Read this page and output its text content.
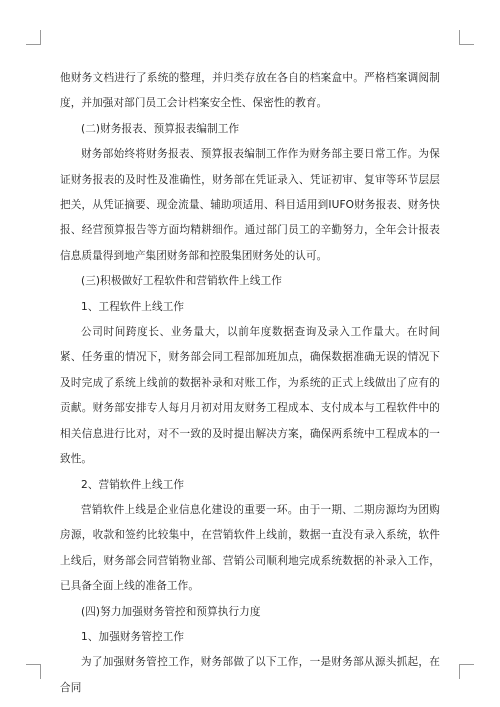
他财务文档进行了系统的整理，并归类存放在各自的档案盒中。严格档案调阅制度，并加强对部门员工会计档案安全性、保密性的教育。

(二)财务报表、预算报表编制工作

财务部始终将财务报表、预算报表编制工作作为财务部主要日常工作。为保证财务报表的及时性及准确性，财务部在凭证录入、凭证初审、复审等环节层层把关，从凭证摘要、现金流量、辅助项适用、科目适用到IUFO财务报表、财务快报、经营预算报告等方面均精耕细作。通过部门员工的辛勤努力，全年会计报表信息质量得到地产集团财务部和控股集团财务处的认可。

(三)积极做好工程软件和营销软件上线工作

1、工程软件上线工作

公司时间跨度长、业务量大，以前年度数据查询及录入工作量大。在时间紧、任务重的情况下，财务部会同工程部加班加点，确保数据准确无误的情况下及时完成了系统上线前的数据补录和对账工作，为系统的正式上线做出了应有的贡献。财务部安排专人每月月初对用友财务工程成本、支付成本与工程软件中的相关信息进行比对，对不一致的及时提出解决方案，确保两系统中工程成本的一致性。

2、营销软件上线工作

营销软件上线是企业信息化建设的重要一环。由于一期、二期房源均为团购房源，收款和签约比较集中，在营销软件上线前，数据一直没有录入系统，软件上线后，财务部会同营销物业部、营销公司顺利地完成系统数据的补录入工作，已具备全面上线的准备工作。

(四)努力加强财务管控和预算执行力度

1、加强财务管控工作

为了加强财务管控工作，财务部做了以下工作，一是财务部从源头抓起，在合同
